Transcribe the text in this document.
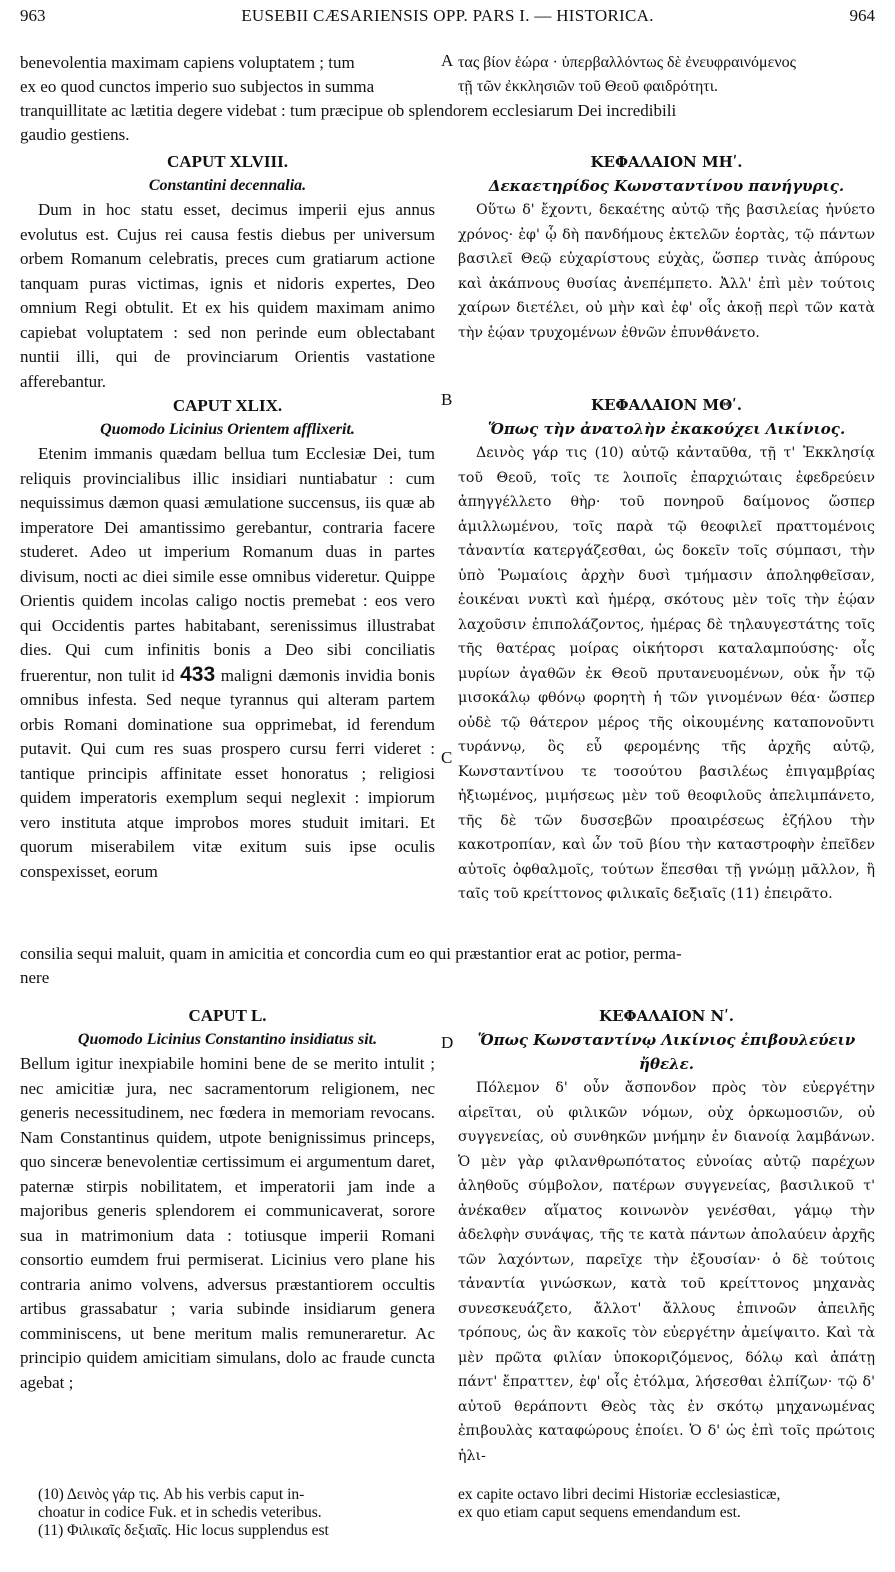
963	EUSEBII CÆSARIENSIS OPP. PARS I. — HISTORICA.	964
benevolentia maximam capiens voluptatem ; tum	τας βίον ἑώρα · ὑπερβαλλόντως δὲ ἐνευφραινόμενος
ex eo quod cunctos imperio suo subjectos in summa	τῇ τῶν ἐκκλησιῶν τοῦ Θεοῦ φαιδρότητι.
tranquillitate ac lætitia degere videbat : tum præcipue ob splendorem ecclesiarum Dei incredibili
gaudio gestiens.
A
B
C
D
CAPUT XLVIII.
Constantini decennalia.

Dum in hoc statu esset, decimus imperii ejus annus evolutus est. Cujus rei causa festis diebus per universum orbem Romanum celebratis, preces cum gratiarum actione tanquam puras victimas, ignis et nidoris expertes, Deo omnium Regi obtulit. Et ex his quidem maximam animo capiebat voluptatem : sed non perinde eum oblectabant nuntii illi, qui de provinciarum Orientis vastatione afferebantur.

CAPUT XLIX.
Quomodo Licinius Orientem afflixerit.

Etenim immanis quædam bellua tum Ecclesiæ Dei, tum reliquis provincialibus illic insidiari nuntiabatur : cum nequissimus dæmon quasi æmulatione succensus, iis quæ ab imperatore Dei amantissimo gerebantur, contraria facere studeret. Adeo ut imperium Romanum duas in partes divisum, nocti ac diei simile esse omnibus videretur. Quippe Orientis quidem incolas caligo noctis premebat : eos vero qui Occidentis partes habitabant, serenissimus illustrabat dies. Qui cum infinitis bonis a Deo sibi conciliatis fruerentur, non tulit id 433 maligni dæmonis invidia bonis omnibus infesta. Sed neque tyrannus qui alteram partem orbis Romani dominatione sua opprimebat, id ferendum putavit. Qui cum res suas prospero cursu ferri videret : tantique principis affinitate esset honoratus ; religiosi quidem imperatoris exemplum sequi neglexit : impiorum vero instituta atque improbos mores studuit imitari. Et quorum miserabilem vitæ exitum suis ipse oculis conspexisset, eorum

consilia sequi maluit, quam in amicitia et concordia cum eo qui præstantior erat ac potior, perma-
nere
ΚΕΦΑΛΑΙΟΝ ΜΗʹ.
Δεκαετηρίδος Κωνσταντίνου πανήγυρις.

Οὕτω δ' ἔχοντι, δεκαέτης αὐτῷ τῆς βασιλείας ἠνύετο χρόνος· ἐφ' ᾧ δὴ πανδήμους ἐκτελῶν ἑορτὰς, τῷ πάντων βασιλεῖ Θεῷ εὐχαρίστους εὐχὰς, ὥσπερ τινὰς ἀπύρους καὶ ἀκάπνους θυσίας ἀνεπέμπετο. Ἀλλ' ἐπὶ μὲν τούτοις χαίρων διετέλει, οὐ μὴν καὶ ἐφ' οἷς ἀκοῇ περὶ τῶν κατὰ τὴν ἑῴαν τρυχομένων ἐθνῶν ἐπυνθάνετο.

ΚΕΦΑΛΑΙΟΝ ΜΘʹ.
Ὅπως τὴν ἀνατολὴν ἐκακούχει Λικίνιος.

Δεινὸς γάρ τις (10) αὐτῷ κἀνταῦθα, τῇ τ' Ἐκκλησίᾳ τοῦ Θεοῦ, τοῖς τε λοιποῖς ἐπαρχιώταις ἐφεδρεύειν ἀπηγγέλλετο θὴρ· τοῦ πονηροῦ δαίμονος ὥσπερ ἁμιλλωμένου, τοῖς παρὰ τῷ θεοφιλεῖ πραττομένοις τἀναντία κατεργάζεσθαι, ὡς δοκεῖν τοῖς σύμπασι, τὴν ὑπὸ Ῥωμαίοις ἀρχὴν δυσὶ τμήμασιν ἀποληφθεῖσαν, ἐοικέναι νυκτὶ καὶ ἡμέρᾳ, σκότους μὲν τοῖς τὴν ἑῴαν λαχοῦσιν ἐπιπολάζοντος, ἡμέρας δὲ τηλαυγεστάτης τοῖς τῆς θατέρας μοίρας οἰκήτορσι καταλαμπούσης· οἷς μυρίων ἀγαθῶν ἐκ Θεοῦ πρυτανευομένων, οὐκ ἦν τῷ μισοκάλῳ φθόνῳ φορητὴ ἡ τῶν γινομένων θέα· ὥσπερ οὐδὲ τῷ θάτερον μέρος τῆς οἰκουμένης καταπονοῦντι τυράννῳ, ὃς εὖ φερομένης τῆς ἀρχῆς αὐτῷ, Κωνσταντίνου τε τοσούτου βασιλέως ἐπιγαμβρίας ἠξιωμένος, μιμήσεως μὲν τοῦ θεοφιλοῦς ἀπελιμπάνετο, τῆς δὲ τῶν δυσσεβῶν προαιρέσεως ἐζήλου τὴν κακοτροπίαν, καὶ ὧν τοῦ βίου τὴν καταστροφὴν ἐπεῖδεν αὐτοῖς ὀφθαλμοῖς, τούτων ἕπεσθαι τῇ γνώμῃ μᾶλλον, ἢ ταῖς τοῦ κρείττονος φιλικαῖς δεξιαῖς (11) ἐπειρᾶτο.

CAPUT L.
Quomodo Licinius Constantino insidiatus sit.

Bellum igitur inexpiabile homini bene de se merito intulit ; nec amicitiæ jura, nec sacramentorum religionem, nec generis necessitudinem, nec fœdera in memoriam revocans. Nam Constantinus quidem, utpote benignissimus princeps, quo sinceræ benevolentiæ certissimum ei argumentum daret, paternæ stirpis nobilitatem, et imperatorii jam inde a majoribus generis splendorem ei communicaverat, sorore sua in matrimonium data : totiusque imperii Romani consortio eumdem frui permiserat. Licinius vero plane his contraria animo volvens, adversus præstantiorem occultis artibus grassabatur ; varia subinde insidiarum genera comminiscens, ut bene meritum malis remuneraretur. Ac principio quidem amicitiam simulans, dolo ac fraude cuncta agebat ;

ΚΕΦΑΛΑΙΟΝ Νʹ.
Ὅπως Κωνσταντίνῳ Λικίνιος ἐπιβουλεύειν ἤθελε.

Πόλεμον δ' οὖν ἄσπονδον πρὸς τὸν εὐεργέτην αἱρεῖται, οὐ φιλικῶν νόμων, οὐχ ὁρκωμοσιῶν, οὐ συγγενείας, οὐ συνθηκῶν μνήμην ἐν διανοίᾳ λαμβάνων. Ὁ μὲν γὰρ φιλανθρωπότατος εὐνοίας αὐτῷ παρέχων ἀληθοῦς σύμβολον, πατέρων συγγενείας, βασιλικοῦ τ' ἀνέκαθεν αἵματος κοινωνὸν γενέσθαι, γάμῳ τὴν ἀδελφὴν συνάψας, τῆς τε κατὰ πάντων ἀπολαύειν ἀρχῆς τῶν λαχόντων, παρεῖχε τὴν ἐξουσίαν· ὁ δὲ τούτοις τἀναντία γινώσκων, κατὰ τοῦ κρείττονος μηχανὰς συνεσκευάζετο, ἄλλοτ' ἄλλους ἐπινοῶν ἀπειλῆς τρόπους, ὡς ἂν κακοῖς τὸν εὐεργέτην ἀμείψαιτο. Καὶ τὰ μὲν πρῶτα φιλίαν ὑποκοριζόμενος, δόλῳ καὶ ἀπάτῃ πάντ' ἔπραττεν, ἐφ' οἷς ἐτόλμα, λήσεσθαι ἐλπίζων· τῷ δ' αὐτοῦ θεράποντι Θεὸς τὰς ἐν σκότῳ μηχανωμένας ἐπιβουλὰς καταφώρους ἐποίει. Ὁ δ' ὡς ἐπὶ τοῖς πρώτοις ἡλι-

(10) Δεινὸς γάρ τις. Ab his verbis caput in-

choatur in codice Fuk. et in schedis veteribus.

(11) Φιλικαῖς δεξιαῖς. Hic locus supplendus est

ex capite octavo libri decimi Historiæ ecclesiasticæ,

ex quo etiam caput sequens emendandum est.
